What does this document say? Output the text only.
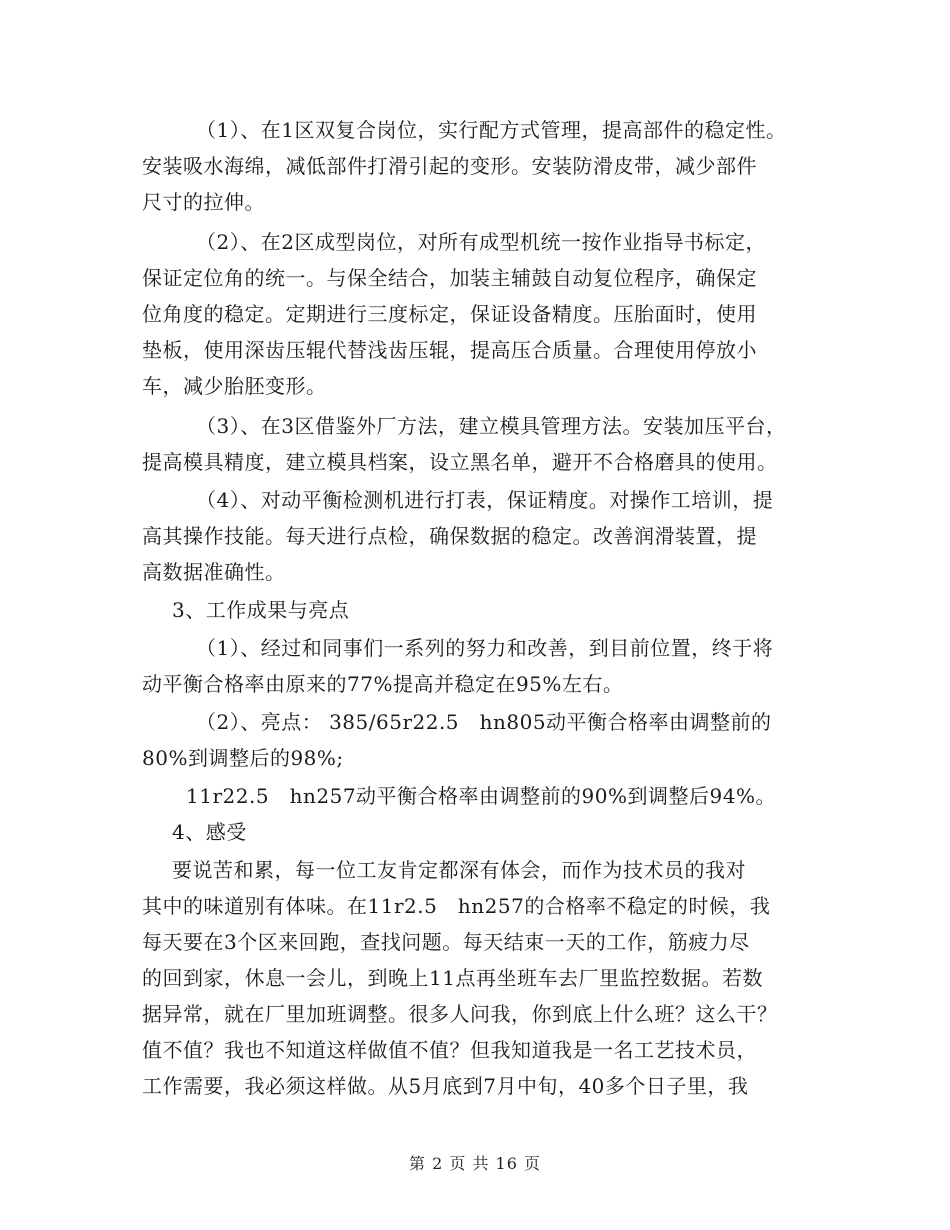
（1）、在1区双复合岗位，实行配方式管理，提高部件的稳定性。
安装吸水海绵，减低部件打滑引起的变形。安装防滑皮带，减少部件
尺寸的拉伸。
（2）、在2区成型岗位，对所有成型机统一按作业指导书标定，
保证定位角的统一。与保全结合，加装主辅鼓自动复位程序，确保定
位角度的稳定。定期进行三度标定，保证设备精度。压胎面时，使用
垫板，使用深齿压辊代替浅齿压辊，提高压合质量。合理使用停放小
车，减少胎胚变形。
（3）、在3区借鉴外厂方法，建立模具管理方法。安装加压平台，
提高模具精度，建立模具档案，设立黑名单，避开不合格磨具的使用。
（4）、对动平衡检测机进行打表，保证精度。对操作工培训，提
高其操作技能。每天进行点检，确保数据的稳定。改善润滑装置，提
高数据准确性。
3、工作成果与亮点
（1）、经过和同事们一系列的努力和改善，到目前位置，终于将
动平衡合格率由原来的77%提高并稳定在95%左右。
（2）、亮点： 385/65r22.5   hn805动平衡合格率由调整前的
80%到调整后的98%;
11r22.5   hn257动平衡合格率由调整前的90%到调整后94%。
4、感受
要说苦和累，每一位工友肯定都深有体会，而作为技术员的我对
其中的味道别有体味。在11r2.5   hn257的合格率不稳定的时候，我
每天要在3个区来回跑，查找问题。每天结束一天的工作，筋疲力尽
的回到家，休息一会儿，到晚上11点再坐班车去厂里监控数据。若数
据异常，就在厂里加班调整。很多人问我，你到底上什么班？这么干？
值不值？我也不知道这样做值不值？但我知道我是一名工艺技术员，
工作需要，我必须这样做。从5月底到7月中旬，40多个日子里，我
第 2 页 共 16 页
